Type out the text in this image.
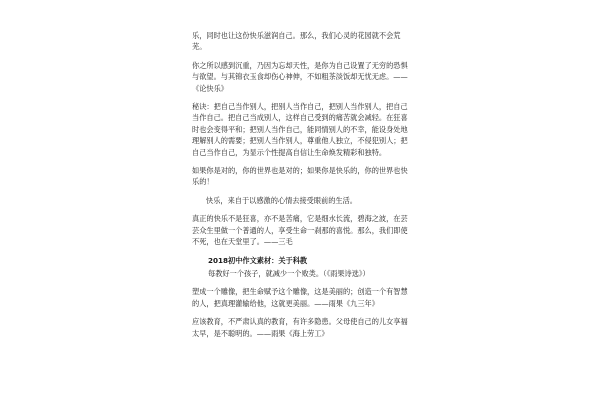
乐，同时也让这份快乐滋润自己。那么，我们心灵的花园就不会荒芜。

你之所以感到沉重，乃因为忘却天性，是你为自己设置了无穷的恐惧与欲望。与其锦衣玉食却伤心神伸，不如粗茶淡饭却无忧无虑。——《论快乐》

秘诀：把自己当作别人，把别人当作自己，把别人当作别人，把自己当作自己。把自己当成别人，这样自己受到的痛苦就会减轻。在狂喜时也会变得平和；把别人当作自己，能同情别人的不幸，能设身处地理解别人的需要；把别人当作别人，尊重他人独立，不侵犯别人；把自己当作自己，为显示个性提高自信让生命焕发精彩和独特。

如果你是对的，你的世界也是对的；如果你是快乐的，你的世界也快乐的！

快乐，来自于以感激的心情去接受眼前的生活。

真正的快乐不是狂喜，亦不是苦痛，它是细水长流，碧海之波，在芸芸众生里做一个普通的人，享受生命一刹那的喜悦。那么，我们即使不死，也在天堂里了。——三毛

2018初中作文素材：关于科教

每教好一个孩子，就减少一个败类。（《雨果诗选》）

塑成一个雕像，把生命赋予这个雕像，这是美丽的；创造一个有智慧的人，把真理灌输给他，这就更美丽。——雨果《九三年》

应该教育，不严肃认真的教育，有许多隐患。父母使自己的儿女享福太早，是不聪明的。——雨果《海上劳工》
